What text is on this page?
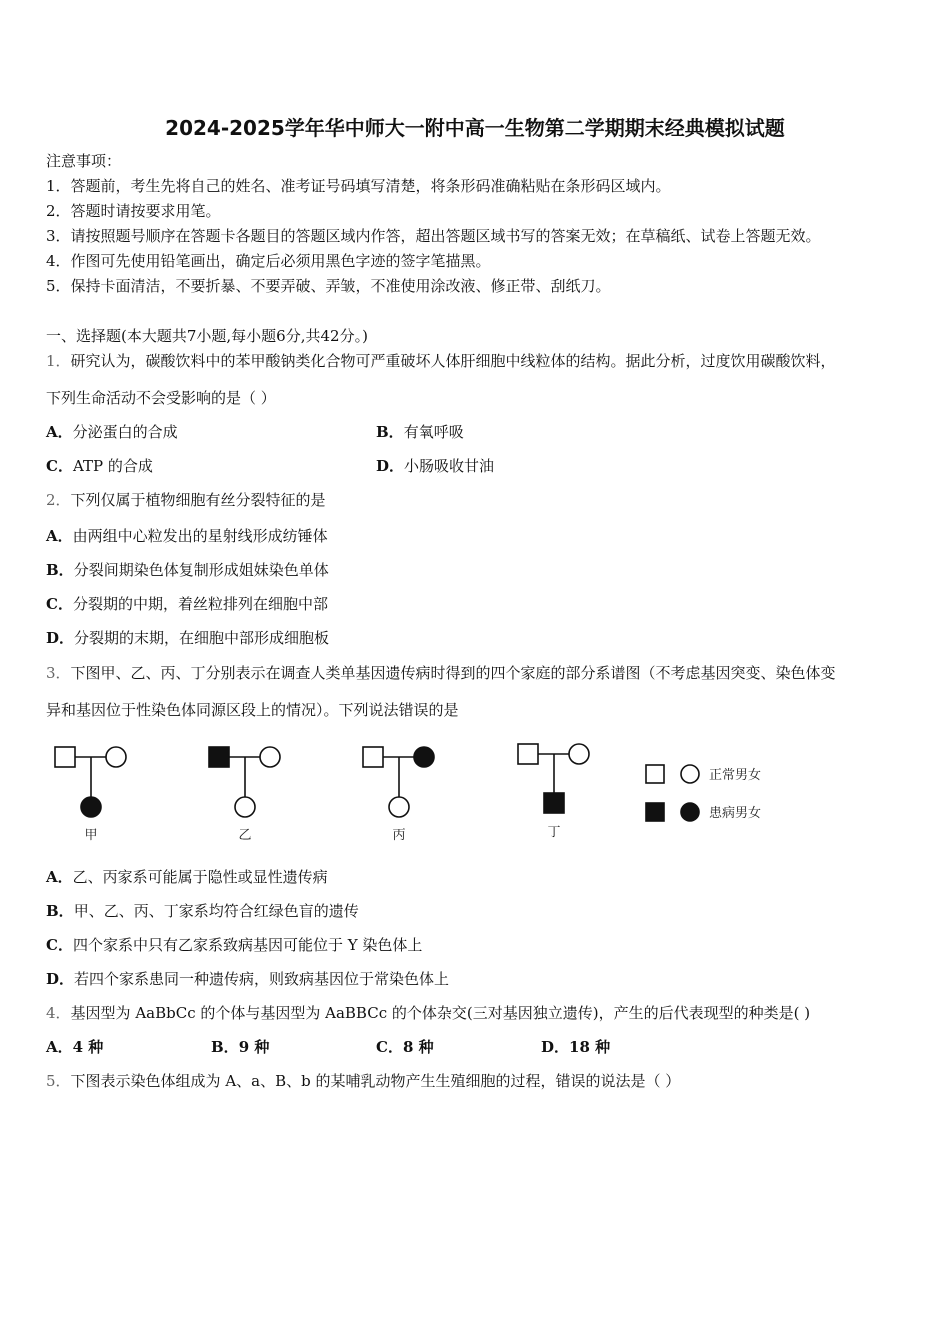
2024-2025学年华中师大一附中高一生物第二学期期末经典模拟试题
注意事项：
1．答题前，考生先将自己的姓名、准考证号码填写清楚，将条形码准确粘贴在条形码区域内。
2．答题时请按要求用笔。
3．请按照题号顺序在答题卡各题目的答题区域内作答，超出答题区域书写的答案无效；在草稿纸、试卷上答题无效。
4．作图可先使用铅笔画出，确定后必须用黑色字迹的签字笔描黑。
5．保持卡面清洁，不要折暴、不要弄破、弄皱，不准使用涂改液、修正带、刮纸刀。
一、选择题(本大题共7小题,每小题6分,共42分。)
1．研究认为，碳酸饮料中的苯甲酸钠类化合物可严重破坏人体肝细胞中线粒体的结构。据此分析，过度饮用碳酸饮料，
下列生命活动不会受影响的是（ ）
A．分泌蛋白的合成	B．有氧呼吸
C．ATP 的合成	D．小肠吸收甘油
2．下列仅属于植物细胞有丝分裂特征的是
A．由两组中心粒发出的星射线形成纺锤体
B．分裂间期染色体复制形成姐妹染色单体
C．分裂期的中期，着丝粒排列在细胞中部
D．分裂期的末期，在细胞中部形成细胞板
3．下图甲、乙、丙、丁分别表示在调查人类单基因遗传病时得到的四个家庭的部分系谱图（不考虑基因突变、染色体变
异和基因位于性染色体同源区段上的情况）。下列说法错误的是
甲	乙	丙	丁
正常男女
患病男女
A．乙、丙家系可能属于隐性或显性遗传病
B．甲、乙、丙、丁家系均符合红绿色盲的遗传
C．四个家系中只有乙家系致病基因可能位于 Y 染色体上
D．若四个家系患同一种遗传病，则致病基因位于常染色体上
4．基因型为 AaBbCc 的个体与基因型为 AaBBCc 的个体杂交(三对基因独立遗传)，产生的后代表现型的种类是( )
A．4 种	B．9 种	C．8 种	D．18 种
5．下图表示染色体组成为 A、a、B、b 的某哺乳动物产生生殖细胞的过程，错误的说法是（ ）
